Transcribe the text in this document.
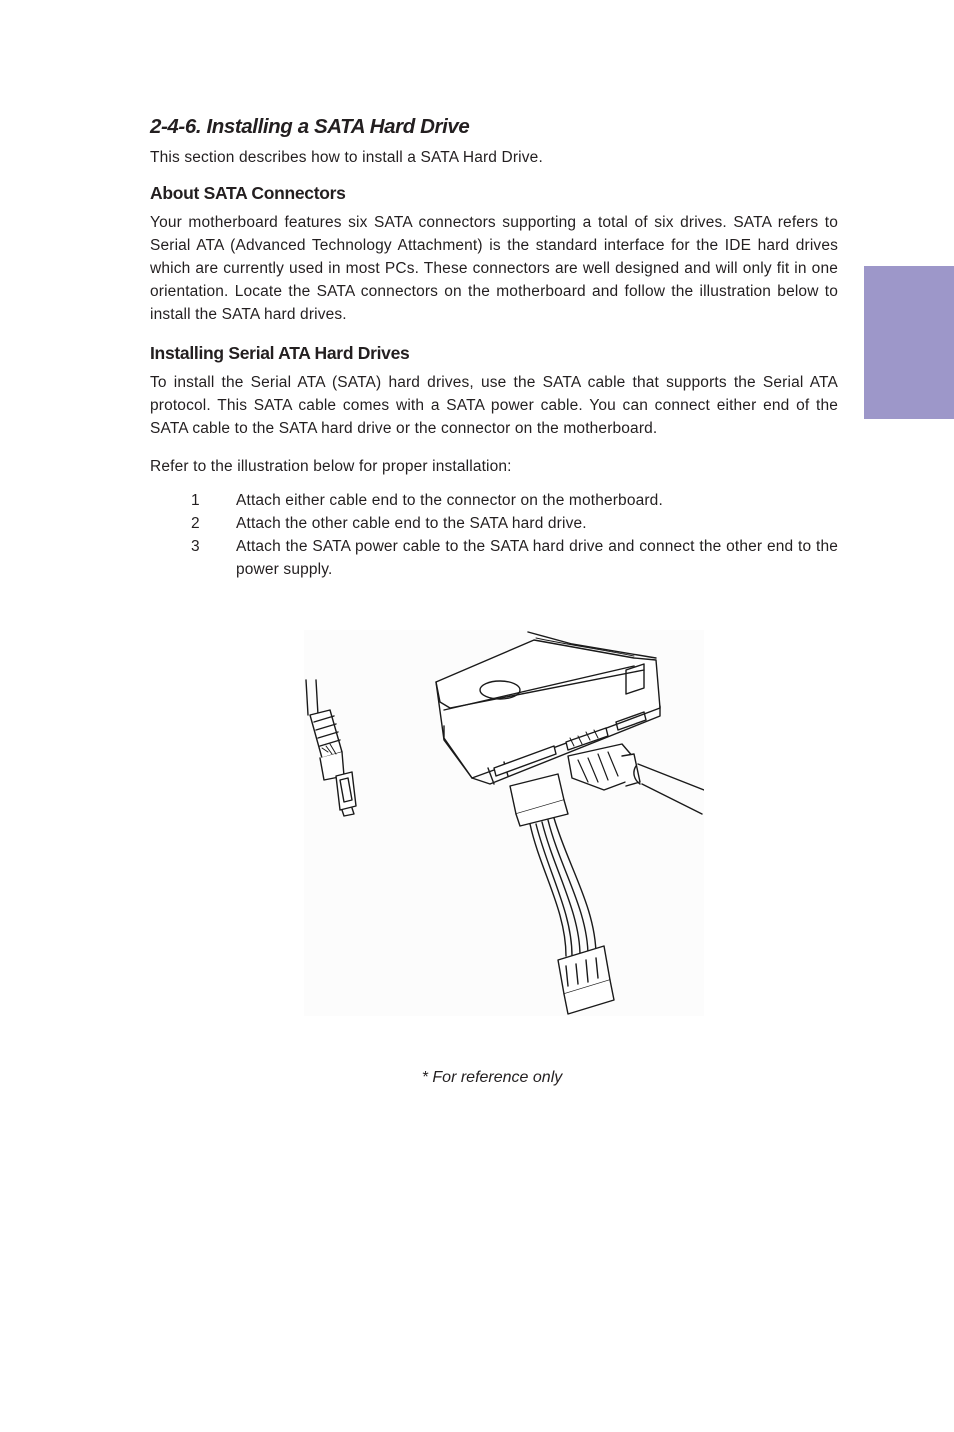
2-4-6. Installing a SATA Hard Drive

This section describes how to install a SATA Hard Drive.

About SATA Connectors

Your motherboard features six SATA connectors supporting a total of six drives. SATA refers to Serial ATA (Advanced Technology Attachment) is the standard interface for the IDE hard drives which are currently used in most PCs. These connectors are well designed and will only fit in one orientation. Locate the SATA connectors on the motherboard and follow the illustration below to install the SATA hard drives.

Installing Serial ATA Hard Drives

To install the Serial ATA (SATA) hard drives, use the SATA cable that supports the Serial ATA protocol. This SATA cable comes with a SATA power cable. You can connect either end of the SATA cable to the SATA hard drive or the connector on the motherboard.

Refer to the illustration below for proper installation:

1 Attach either cable end to the connector on the motherboard.
2 Attach the other cable end to the SATA hard drive.
3 Attach the SATA power cable to the SATA hard drive and connect the other end to the power supply.
* For reference only
